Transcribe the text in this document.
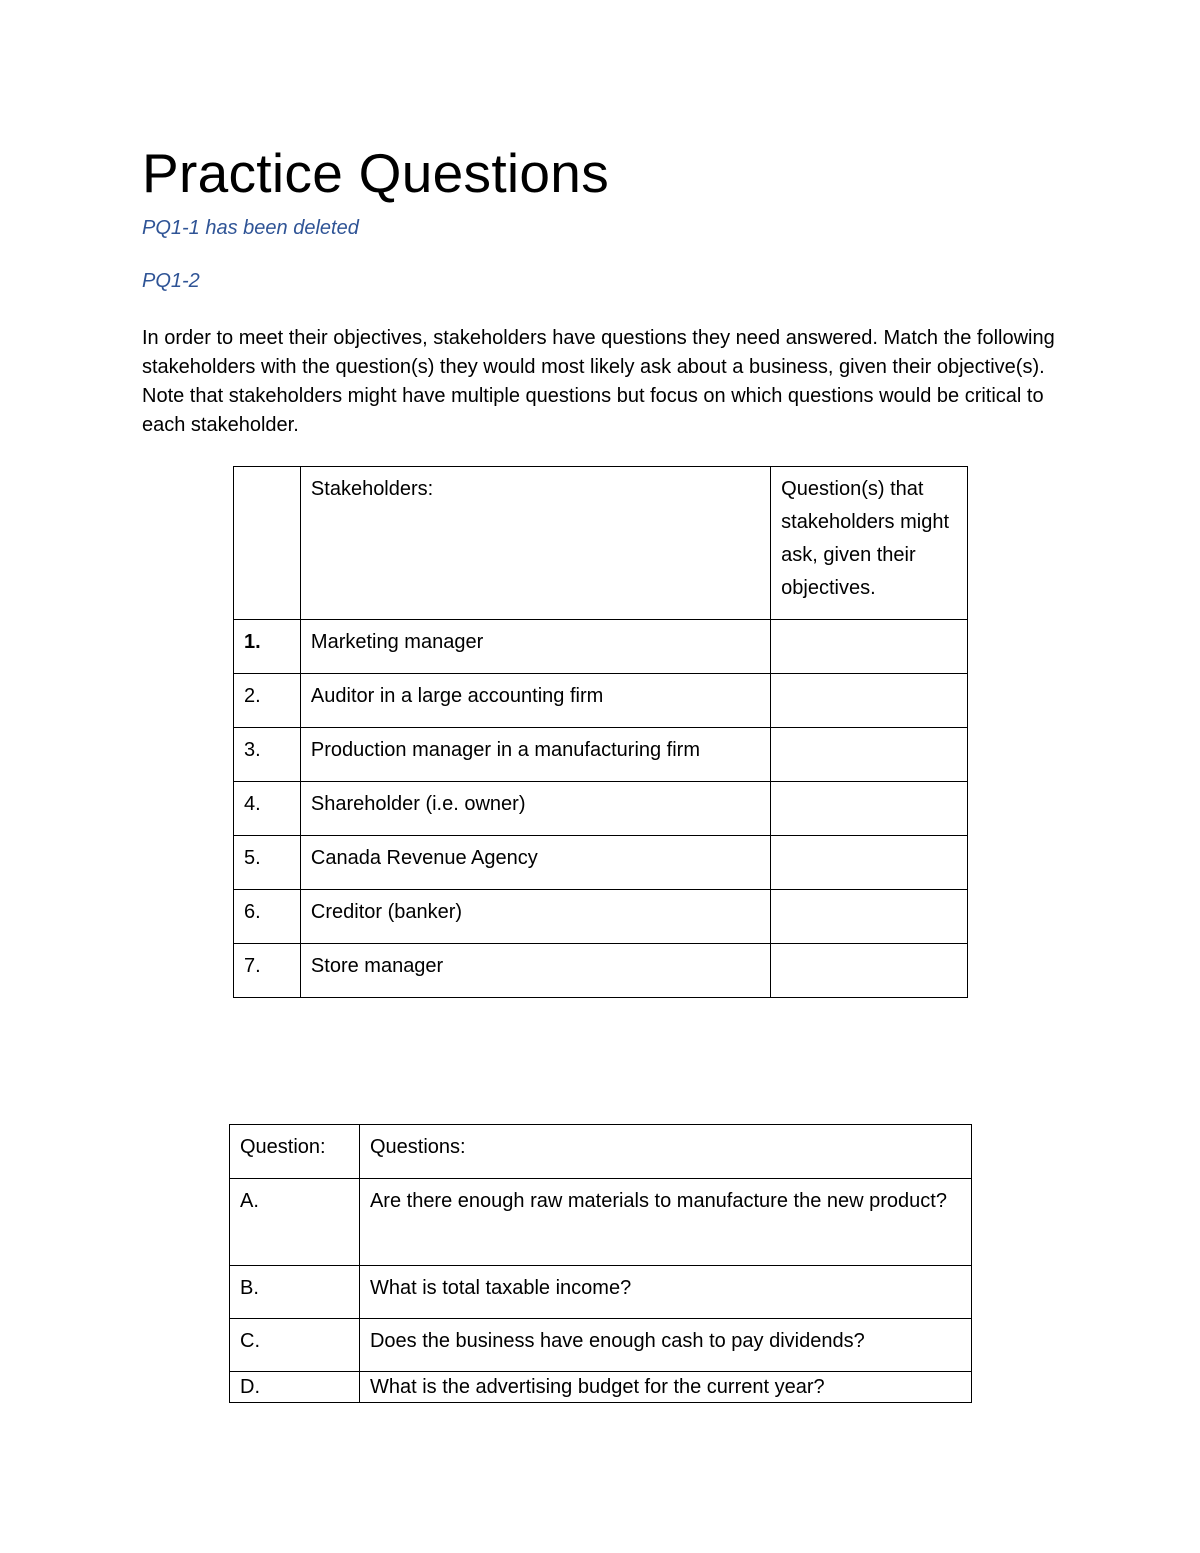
Practice Questions
PQ1-1 has been deleted
PQ1-2

In order to meet their objectives, stakeholders have questions they need answered. Match the following stakeholders with the question(s) they would most likely ask about a business, given their objective(s). Note that stakeholders might have multiple questions but focus on which questions would be critical to each stakeholder.

	Stakeholders:	Question(s) that stakeholders might ask, given their objectives.
1.	Marketing manager	
2.	Auditor in a large accounting firm	
3.	Production manager in a manufacturing firm	
4.	Shareholder (i.e. owner)	
5.	Canada Revenue Agency	
6.	Creditor (banker)	
7.	Store manager	
Question:	Questions:
A.	Are there enough raw materials to manufacture the new product?
B.	What is total taxable income?
C.	Does the business have enough cash to pay dividends?
D.	What is the advertising budget for the current year?
